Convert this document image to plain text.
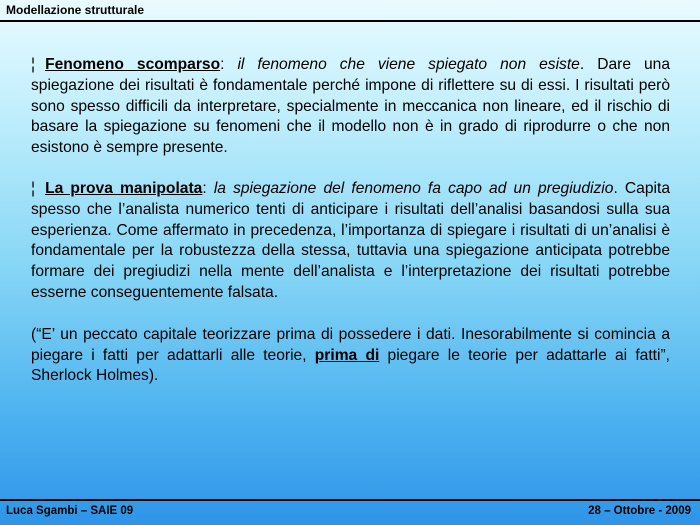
Modellazione strutturale

¦ Fenomeno scomparso: il fenomeno che viene spiegato non esiste. Dare una spiegazione dei risultati è fondamentale perché impone di riflettere su di essi. I risultati però sono spesso difficili da interpretare, specialmente in meccanica non lineare, ed il rischio di basare la spiegazione su fenomeni che il modello non è in grado di riprodurre o che non esistono è sempre presente.

¦ La prova manipolata: la spiegazione del fenomeno fa capo ad un pregiudizio. Capita spesso che l’analista numerico tenti di anticipare i risultati dell’analisi basandosi sulla sua esperienza. Come affermato in precedenza, l’importanza di spiegare i risultati di un’analisi è fondamentale per la robustezza della stessa, tuttavia una spiegazione anticipata potrebbe formare dei pregiudizi nella mente dell’analista e l’interpretazione dei risultati potrebbe esserne conseguentemente falsata.

(“E’ un peccato capitale teorizzare prima di possedere i dati. Inesorabilmente si comincia a piegare i fatti per adattarli alle teorie, prima di piegare le teorie per adattarle ai fatti”, Sherlock Holmes).

Luca Sgambi – SAIE 09	28 – Ottobre - 2009
